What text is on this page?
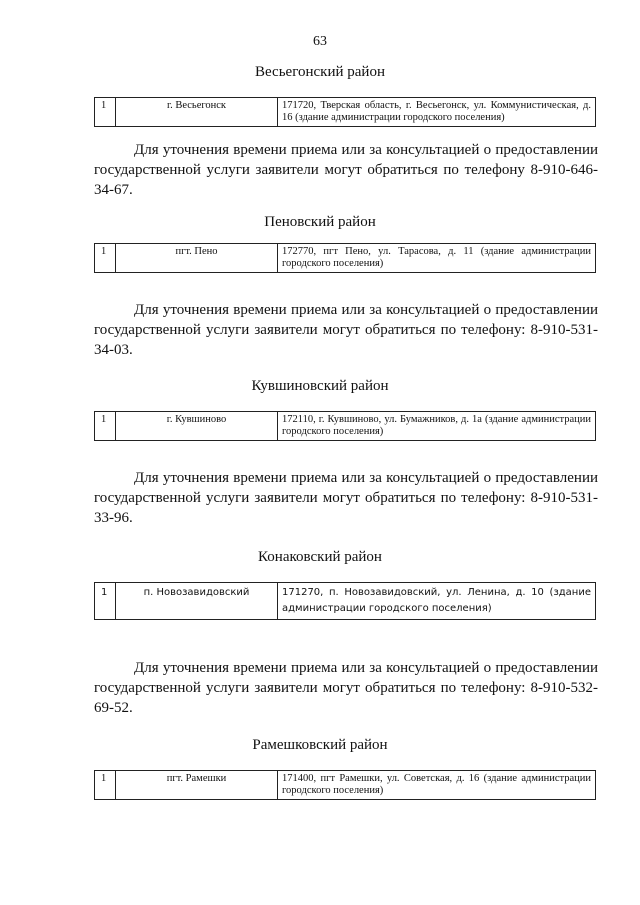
63
Весьегонский район
1	г. Весьегонск	171720, Тверская область, г. Весьегонск, ул. Коммунистическая, д. 16 (здание администрации городского поселения)
Для уточнения времени приема или за консультацией о предоставлении государственной услуги заявители могут обратиться по телефону 8-910-646-34-67.
Пеновский район
1	пгт. Пено	172770, пгт Пено, ул. Тарасова, д. 11 (здание администрации городского поселения)
Для уточнения времени приема или за консультацией о предоставлении государственной услуги заявители могут обратиться по телефону: 8-910-531-34-03.
Кувшиновский район
1	г. Кувшиново	172110, г. Кувшиново, ул. Бумажников, д. 1а (здание администрации городского поселения)
Для уточнения времени приема или за консультацией о предоставлении государственной услуги заявители могут обратиться по телефону: 8-910-531-33-96.
Конаковский район
1	п. Новозавидовский	171270, п. Новозавидовский, ул. Ленина, д. 10 (здание администрации городского поселения)
Для уточнения времени приема или за консультацией о предоставлении государственной услуги заявители могут обратиться по телефону: 8-910-532-69-52.
Рамешковский район
1	пгт. Рамешки	171400, пгт Рамешки, ул. Советская, д. 16 (здание администрации городского поселения)
